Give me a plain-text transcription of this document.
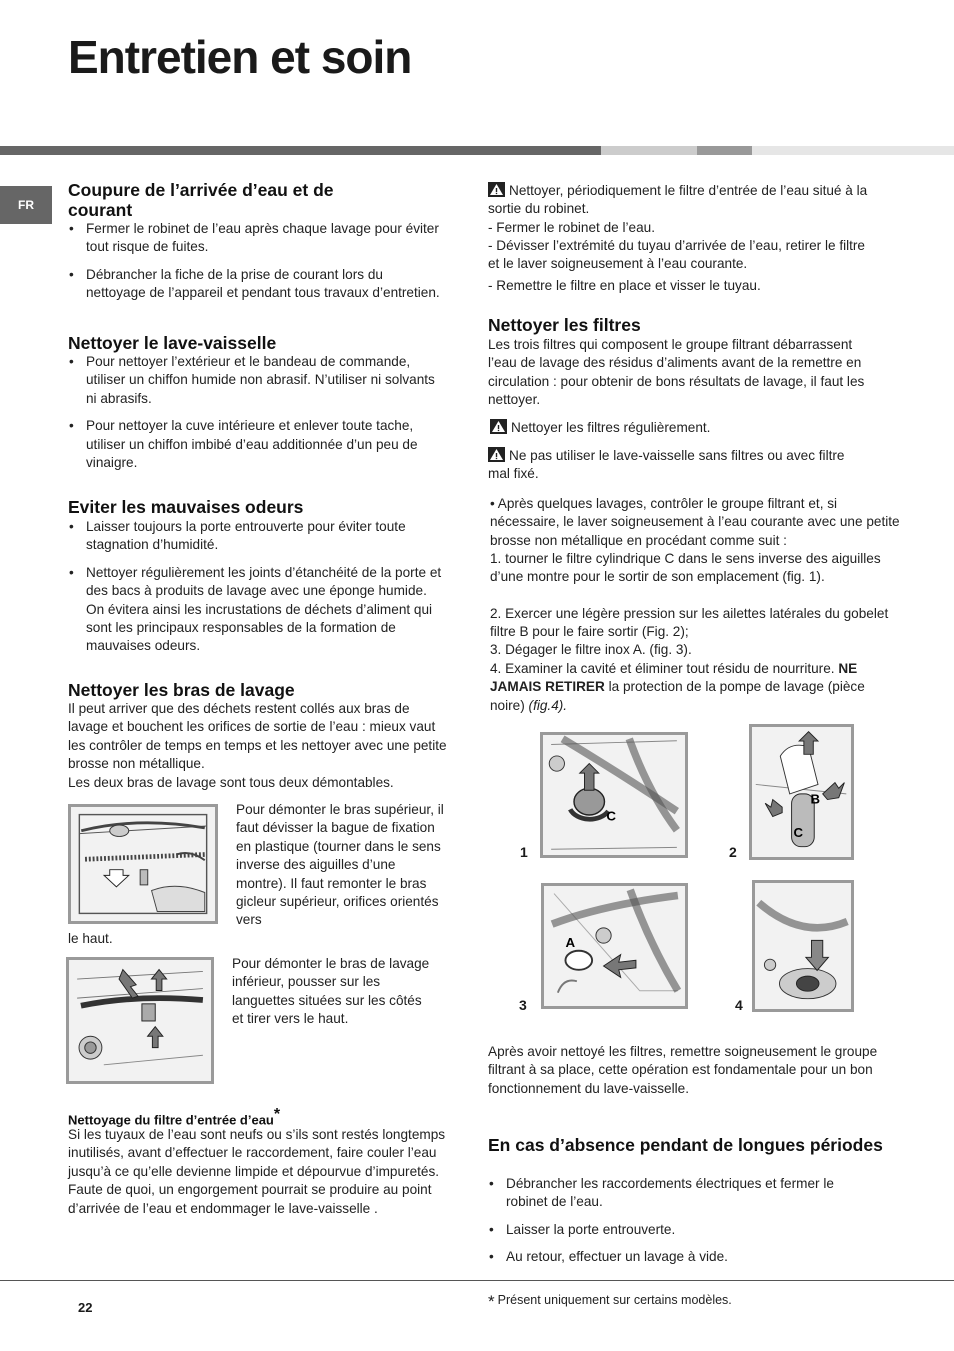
Entretien et soin
FR
Coupure de l’arrivée d’eau et de courant
• Fermer le robinet de l’eau après chaque lavage pour éviter tout risque de fuites.
• Débrancher la fiche de la prise de courant lors du nettoyage de l’appareil et pendant tous travaux d’entretien.
Nettoyer le lave-vaisselle
• Pour nettoyer l’extérieur et le bandeau de commande, utiliser un chiffon humide non abrasif. N’utiliser ni solvants ni abrasifs.
• Pour nettoyer la cuve intérieure et enlever toute tache, utiliser un chiffon imbibé d’eau additionnée d’un peu de vinaigre.
Eviter les mauvaises odeurs
• Laisser toujours la porte entrouverte pour éviter toute stagnation d’humidité.
• Nettoyer régulièrement les joints d’étanchéité de la porte et des bacs à produits de lavage avec une éponge humide. On évitera ainsi les incrustations de déchets d’aliment qui sont les principaux responsables de la formation de mauvaises odeurs.
Nettoyer les bras de lavage

Il peut arriver que des déchets restent collés aux bras de lavage et bouchent les orifices de sortie de l’eau : mieux vaut les contrôler de temps en temps et les nettoyer avec une petite brosse non métallique.

Les deux bras de lavage sont tous deux démontables.

Pour démonter le bras supérieur, il faut dévisser la bague de fixation en plastique (tourner dans le sens inverse des aiguilles d’une montre). Il faut remonter le bras gicleur supérieur, orifices orientés vers

le haut.

Pour démonter le bras de lavage inférieur, pousser sur les languettes situées sur les côtés et tirer vers le haut.

Nettoyage du filtre d’entrée d’eau*

Si les tuyaux de l’eau sont neufs ou s’ils sont restés longtemps inutilisés, avant d’effectuer le raccordement, faire couler l’eau jusqu’à ce qu’elle devienne limpide et dépourvue d’impuretés. Faute de quoi, un engorgement pourrait se produire au point d’arrivée de l’eau et endommager le lave-vaisselle .

Nettoyer, périodiquement le filtre d’entrée de l’eau situé à la sortie du robinet.

- Fermer le robinet de l’eau.

- Dévisser l’extrémité du tuyau d’arrivée de l’eau, retirer le filtre et le laver soigneusement à l’eau courante.

- Remettre le filtre en place et visser le tuyau.

Nettoyer les filtres

Les trois filtres qui composent le groupe filtrant débarrassent l’eau de lavage des résidus d’aliments avant de la remettre en circulation : pour obtenir de bons résultats de lavage, il faut les nettoyer.

Nettoyer les filtres régulièrement.

Ne pas utiliser le lave-vaisselle sans filtres ou avec filtre mal fixé.

• Après quelques lavages, contrôler le groupe filtrant et, si nécessaire, le laver soigneusement à l’eau courante avec une petite brosse non métallique en procédant comme suit :

1. tourner le filtre cylindrique C dans le sens inverse des aiguilles d’une montre pour le sortir de son emplacement (fig. 1).

2. Exercer une légère pression sur les ailettes latérales du gobelet filtre B pour le faire sortir (Fig. 2);

3. Dégager le filtre inox A. (fig. 3).

4. Examiner la cavité et éliminer tout résidu de nourriture. NE JAMAIS RETIRER la protection de la pompe de lavage (pièce noire) (fig.4).

C
1
B
C
2
A
3	4

Après avoir nettoyé les filtres, remettre soigneusement le groupe filtrant à sa place, cette opération est fondamentale pour un bon fonctionnement du lave-vaisselle.

En cas d’absence pendant de longues périodes
• Débrancher les raccordements électriques et fermer le robinet de l’eau.
• Laisser la porte entrouverte.
• Au retour, effectuer un lavage à vide.
22	* Présent uniquement sur certains modèles.
